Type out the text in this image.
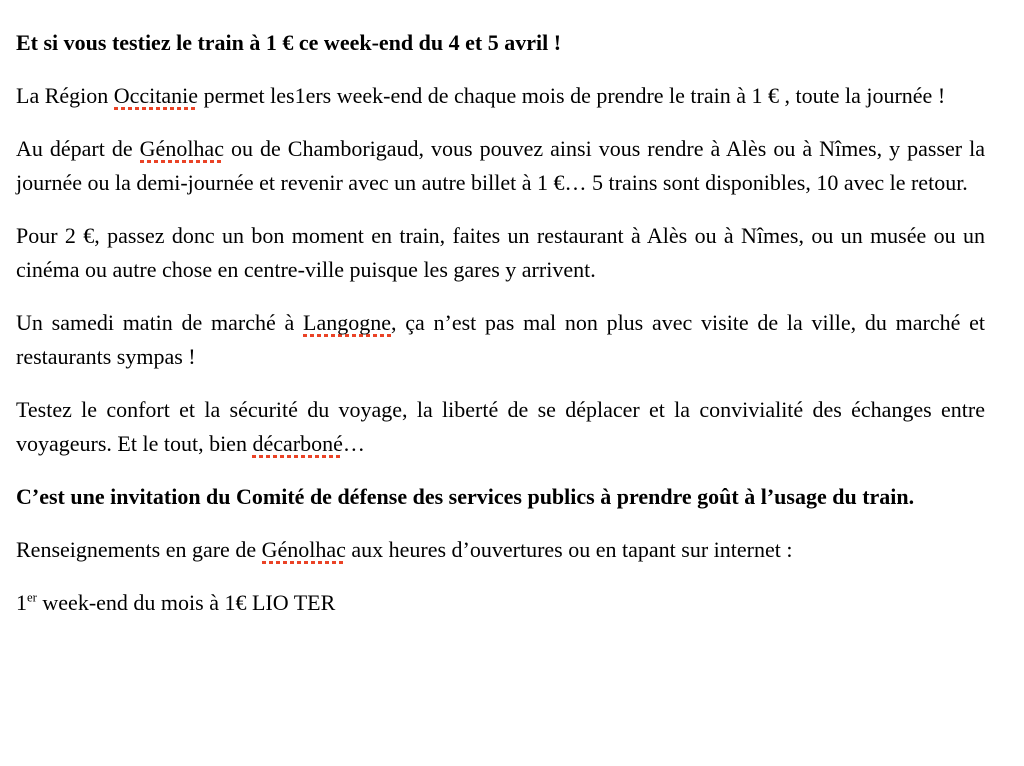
Et si vous testiez le train à 1 € ce week-end du 4 et 5 avril !

La Région Occitanie permet les1ers week-end de chaque mois de prendre le train à 1 € , toute la journée !

Au départ de Génolhac ou de Chamborigaud, vous pouvez ainsi vous rendre à Alès ou à Nîmes, y passer la journée ou la demi-journée et revenir avec un autre billet à 1 €… 5 trains sont disponibles, 10 avec le retour.

Pour 2 €, passez donc un bon moment en train, faites un restaurant à Alès ou à Nîmes, ou un musée ou un cinéma ou autre chose en centre-ville puisque les gares y arrivent.

Un samedi matin de marché à Langogne, ça n’est pas mal non plus avec visite de la ville, du marché et restaurants sympas !

Testez le confort et la sécurité du voyage, la liberté de se déplacer et la convivialité des échanges entre voyageurs. Et le tout, bien décarboné…

C’est une invitation du Comité de défense des services publics à prendre goût à l’usage du train.

Renseignements en gare de Génolhac aux heures d’ouvertures ou en tapant sur internet :

1er week-end du mois à 1€ LIO TER
